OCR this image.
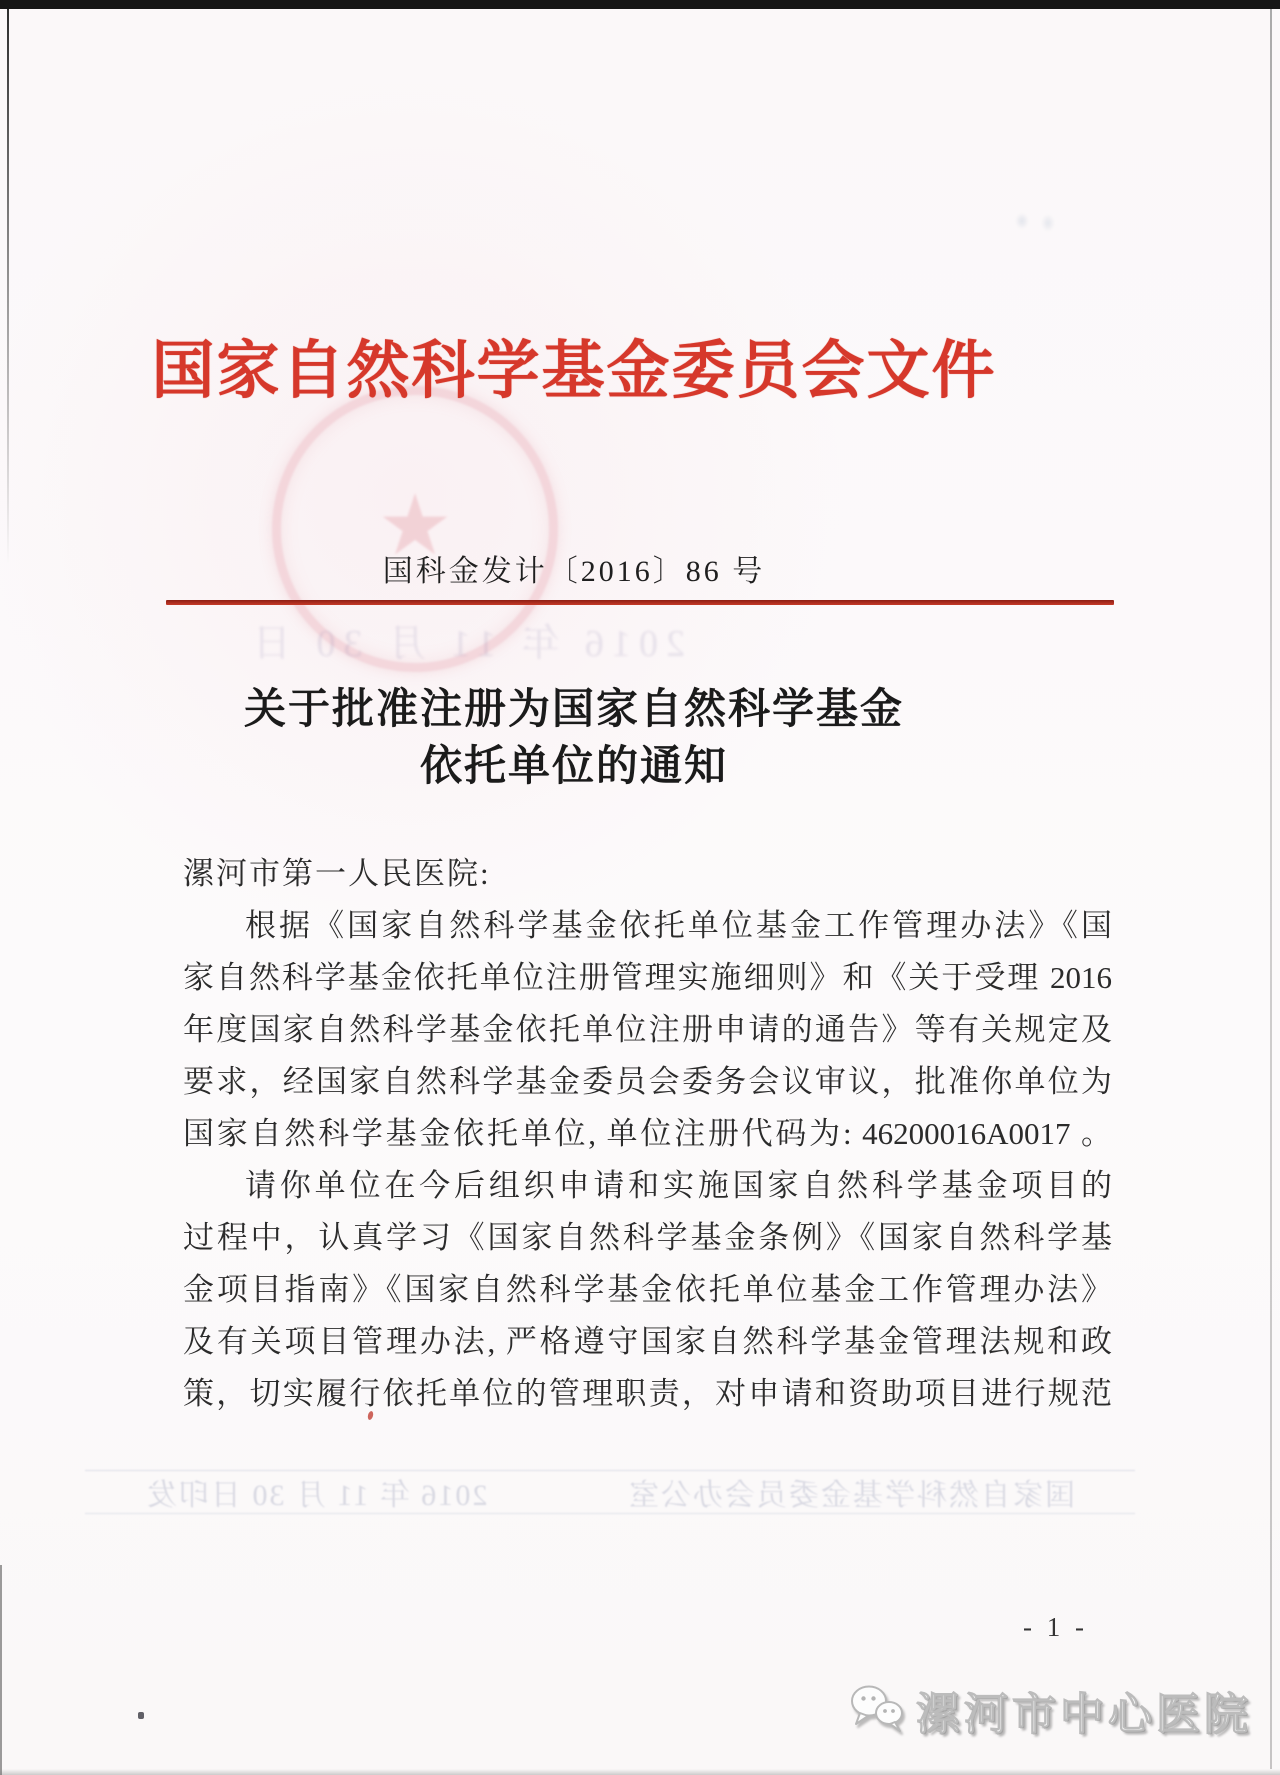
★
国家自然科学基金委员会文件
国科金发计〔2016〕86 号
2016 年 11 月 30 日
关于批准注册为国家自然科学基金
依托单位的通知
漯河市第一人民医院:
根据《国家自然科学基金依托单位基金工作管理办法》《国
家自然科学基金依托单位注册管理实施细则》和《关于受理 2016
年度国家自然科学基金依托单位注册申请的通告》等有关规定及
要求，经国家自然科学基金委员会委务会议审议，批准你单位为
国家自然科学基金依托单位, 单位注册代码为: 46200016A0017 。
请你单位在今后组织申请和实施国家自然科学基金项目的
过程中，认真学习《国家自然科学基金条例》《国家自然科学基
金项目指南》《国家自然科学基金依托单位基金工作管理办法》
及有关项目管理办法, 严格遵守国家自然科学基金管理法规和政
策，切实履行依托单位的管理职责，对申请和资助项目进行规范
国家自然科学基金委员会办公室
2016 年 11 月 30 日印发
- 1 -
漯河市中心医院
